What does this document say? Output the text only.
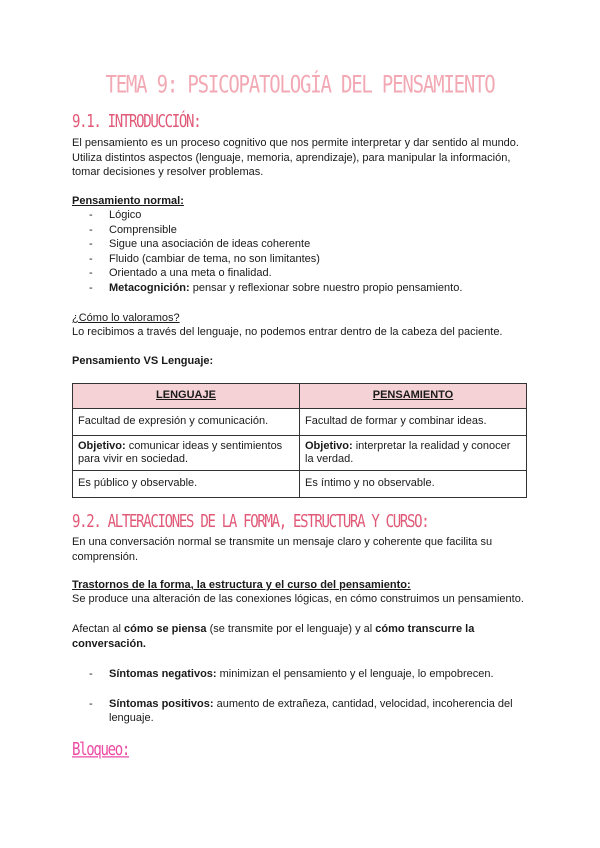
TEMA 9: PSICOPATOLOGÍA DEL PENSAMIENTO
9.1. INTRODUCCIÓN:
El pensamiento es un proceso cognitivo que nos permite interpretar y dar sentido al mundo. Utiliza distintos aspectos (lenguaje, memoria, aprendizaje), para manipular la información, tomar decisiones y resolver problemas.
Pensamiento normal:
- Lógico
- Comprensible
- Sigue una asociación de ideas coherente
- Fluido (cambiar de tema, no son limitantes)
- Orientado a una meta o finalidad.
- Metacognición: pensar y reflexionar sobre nuestro propio pensamiento.
¿Cómo lo valoramos?
Lo recibimos a través del lenguaje, no podemos entrar dentro de la cabeza del paciente.
Pensamiento VS Lenguaje:
LENGUAJE	PENSAMIENTO
Facultad de expresión y comunicación.	Facultad de formar y combinar ideas.
Objetivo: comunicar ideas y sentimientos para vivir en sociedad.	Objetivo: interpretar la realidad y conocer la verdad.
Es público y observable.	Es íntimo y no observable.
9.2. ALTERACIONES DE LA FORMA, ESTRUCTURA Y CURSO:
En una conversación normal se transmite un mensaje claro y coherente que facilita su comprensión.
Trastornos de la forma, la estructura y el curso del pensamiento:
Se produce una alteración de las conexiones lógicas, en cómo construimos un pensamiento.
Afectan al cómo se piensa (se transmite por el lenguaje) y al cómo transcurre la conversación.
- Síntomas negativos: minimizan el pensamiento y el lenguaje, lo empobrecen.
- Síntomas positivos: aumento de extrañeza, cantidad, velocidad, incoherencia del lenguaje.
Bloqueo:
